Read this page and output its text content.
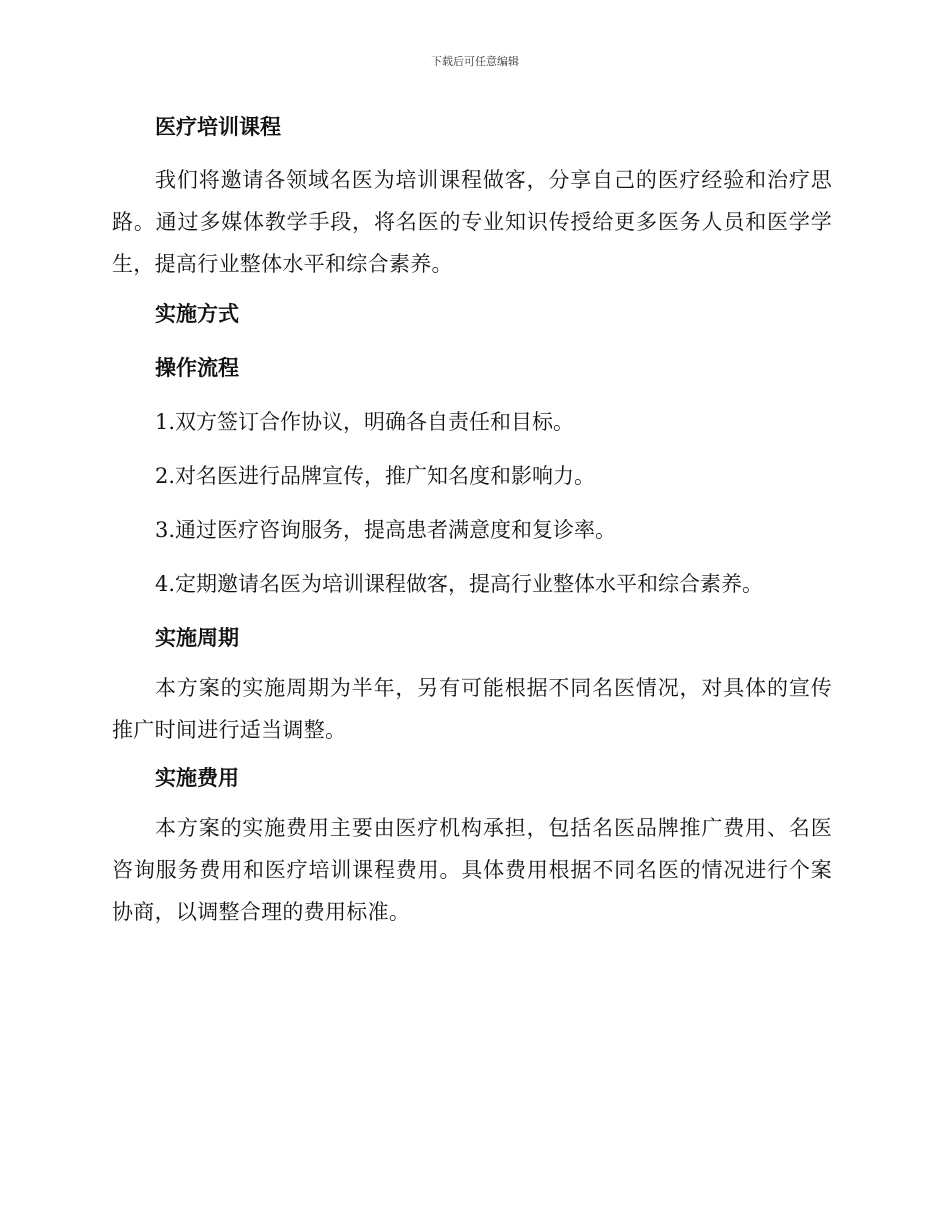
下载后可任意编辑
医疗培训课程

我们将邀请各领域名医为培训课程做客，分享自己的医疗经验和治疗思路。通过多媒体教学手段，将名医的专业知识传授给更多医务人员和医学学生，提高行业整体水平和综合素养。

实施方式
操作流程
1.双方签订合作协议，明确各自责任和目标。
2.对名医进行品牌宣传，推广知名度和影响力。
3.通过医疗咨询服务，提高患者满意度和复诊率。
4.定期邀请名医为培训课程做客，提高行业整体水平和综合素养。
实施周期

本方案的实施周期为半年，另有可能根据不同名医情况，对具体的宣传推广时间进行适当调整。

实施费用

本方案的实施费用主要由医疗机构承担，包括名医品牌推广费用、名医咨询服务费用和医疗培训课程费用。具体费用根据不同名医的情况进行个案协商，以调整合理的费用标准。
